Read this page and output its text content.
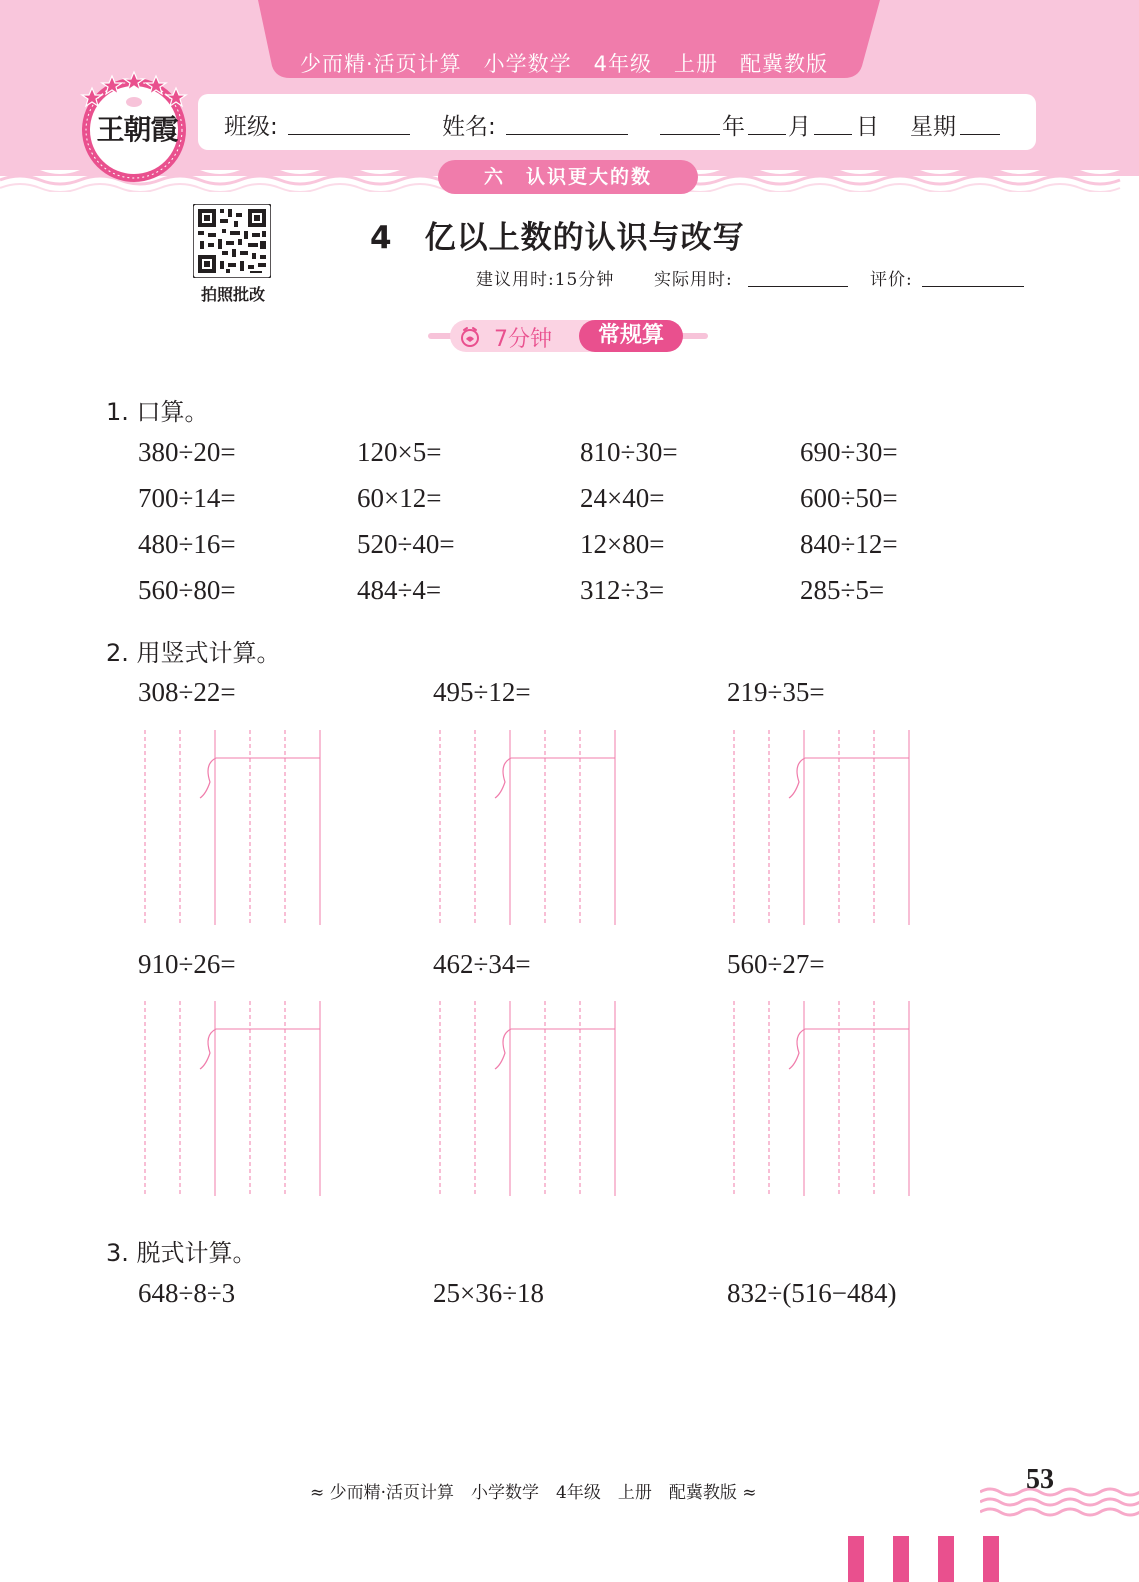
少而精·活页计算　小学数学　4年级　上册　配冀教版
班级:	姓名:	年 月 日 星期
六　认识更大的数
王朝霞
拍照批改
4　亿以上数的认识与改写
建议用时:15分钟 实际用时:	评价:
7分钟	常规算
1. 口算。
380÷20=	120×5=	810÷30=	690÷30=
700÷14=	60×12=	24×40=	600÷50=
480÷16=	520÷40=	12×80=	840÷12=
560÷80=	484÷4=	312÷3=	285÷5=
2. 用竖式计算。
308÷22=	495÷12=	219÷35=
910÷26=	462÷34=	560÷27=
3. 脱式计算。
648÷8÷3	25×36÷18	832÷(516−484)
≈ 少而精·活页计算　小学数学　4年级　上册　配冀教版 ≈	53
